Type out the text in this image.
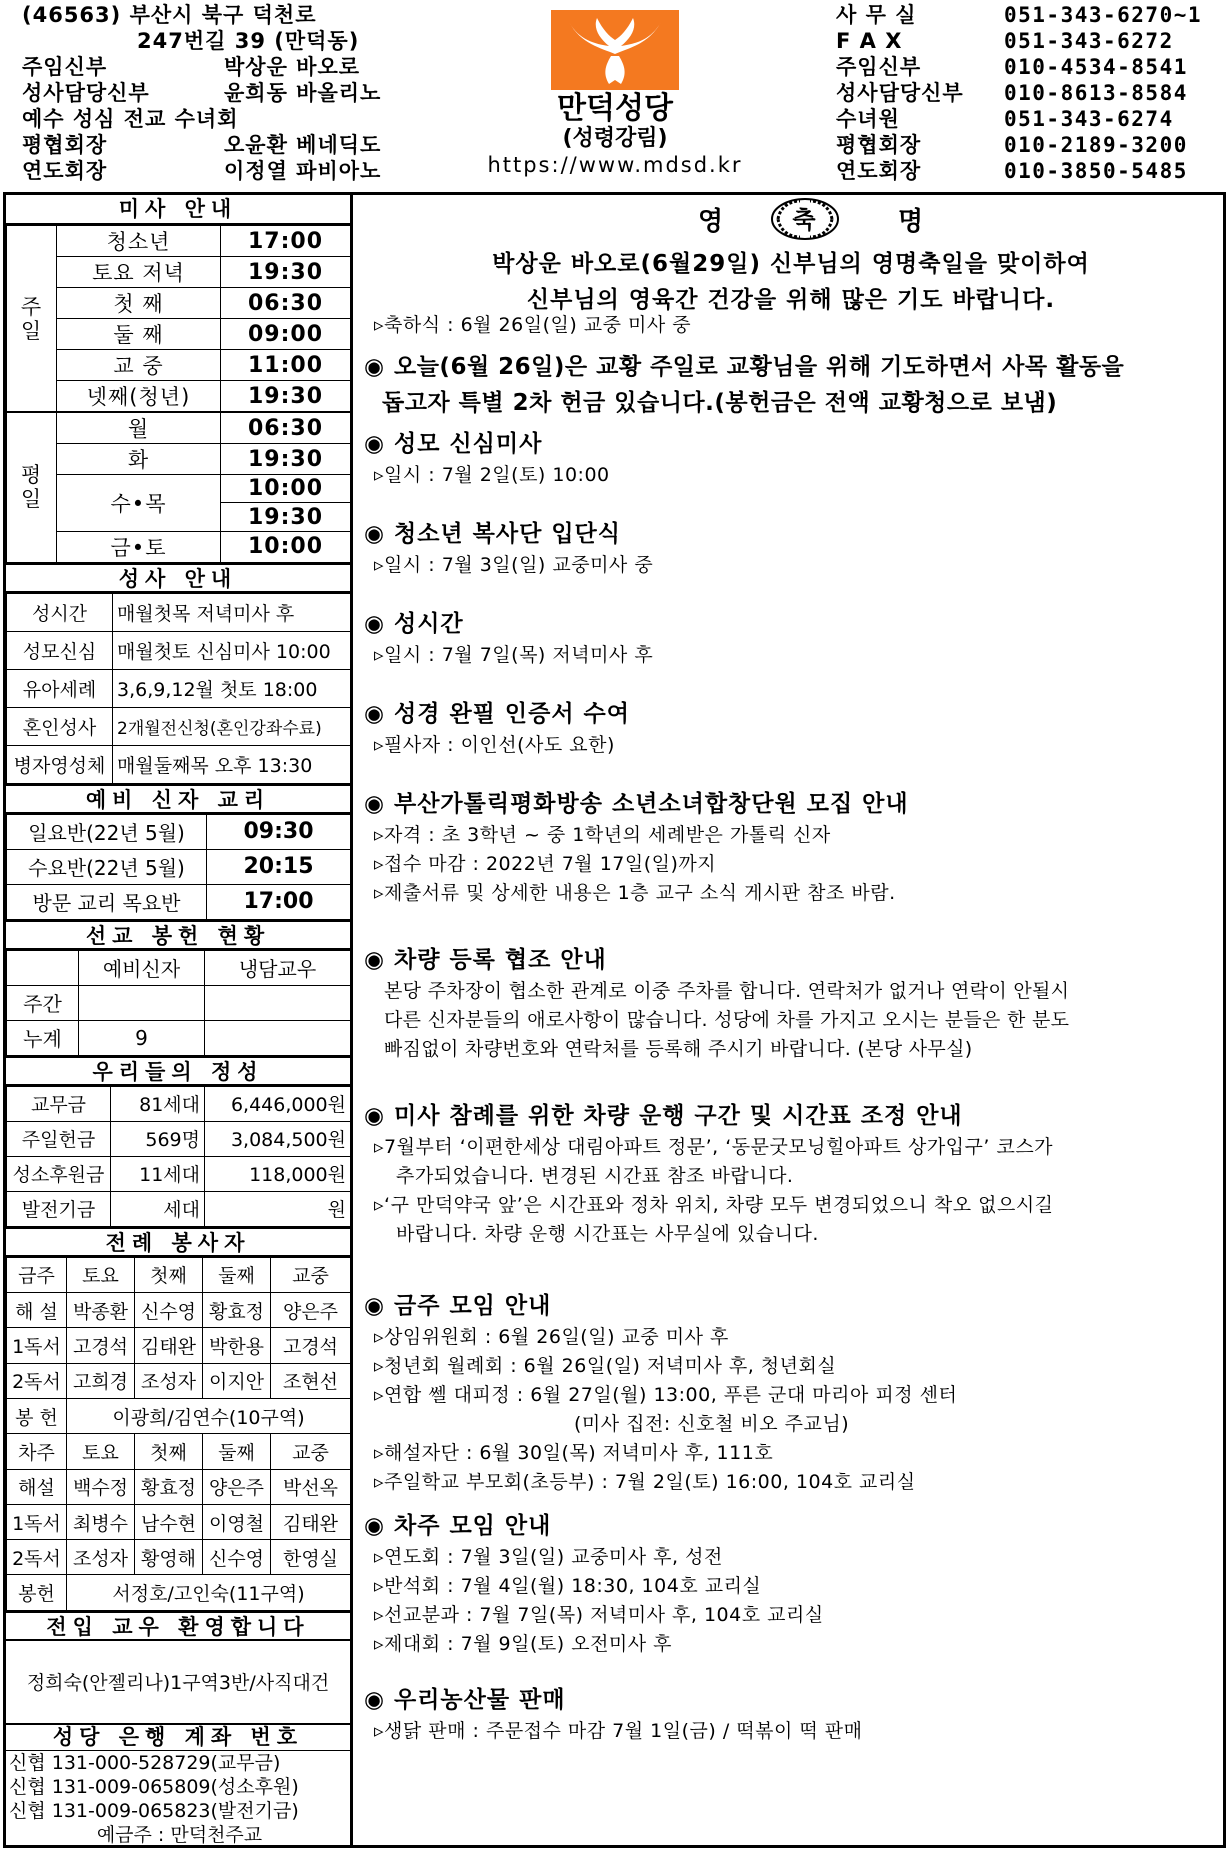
(46563) 부산시 북구 덕천로
247번길 39 (만덕동)
주임신부	박상운 바오로
성사담당신부	윤희동 바올리노
예수 성심 전교 수녀회
평협회장	오윤환 베네딕도
연도회장	이정열 파비아노
만덕성당
(성령강림)
https://www.mdsd.kr
사 무 실	051-343-6270~1
F A X	051-343-6272
주임신부	010-4534-8541
성사담당신부 010-8613-8584
수녀원	051-343-6274
평협회장	010-2189-3200
연도회장	010-3850-5485
미사 안내
주일	청소년	17:00
	토요 저녁	19:30
	첫 째	06:30
	둘 째	09:00
	교 중	11:00
	넷째(청년)	19:30

평일	월	06:30
	화	19:30
	수•목	10:00
		19:30
	금•토	10:00
성사 안내
성시간	매월첫목 저녁미사 후
성모신심	매월첫토 신심미사 10:00
유아세례	3,6,9,12월 첫토 18:00
혼인성사	2개월전신청(혼인강좌수료)
병자영성체	매월둘째목 오후 13:30
예비 신자 교리
일요반(22년 5월)	09:30
수요반(22년 5월)	20:15
방문 교리 목요반	17:00
선교 봉헌 현황
	예비신자	냉담교우
주간		
누계	9	
우리들의 정성
교무금	81세대	6,446,000원
주일헌금	569명	3,084,500원
성소후원금	11세대	118,000원
발전기금	세대	원
전례 봉사자
금주	토요	첫째	둘째	교중
해 설	박종환	신수영	황효정	양은주
1독서	고경석	김태완	박한용	고경석
2독서	고희경	조성자	이지안	조현선
봉 헌	이광희/김연수(10구역)			
차주	토요	첫째	둘째	교중
해설	백수정	황효정	양은주	박선옥
1독서	최병수	남수현	이영철	김태완
2독서	조성자	황영해	신수영	한영실
봉헌	서정호/고인숙(11구역)			
전입 교우 환영합니다
정희숙(안젤리나)1구역3반/사직대건
성당 은행 계좌 번호
신협 131-000-528729(교무금)
신협 131-009-065809(성소후원)
신협 131-009-065823(발전기금)
예금주 : 만덕천주교
영	축	명
박상운 바오로(6월29일) 신부님의 영명축일을 맞이하여
신부님의 영육간 건강을 위해 많은 기도 바랍니다.
▹축하식 : 6월 26일(일) 교중 미사 중
◉ 오늘(6월 26일)은 교황 주일로 교황님을 위해 기도하면서 사목 활동을
돕고자 특별 2차 헌금 있습니다.(봉헌금은 전액 교황청으로 보냄)
◉ 성모 신심미사
▹일시 : 7월 2일(토) 10:00
◉ 청소년 복사단 입단식
▹일시 : 7월 3일(일) 교중미사 중
◉ 성시간
▹일시 : 7월 7일(목) 저녁미사 후
◉ 성경 완필 인증서 수여
▹필사자 : 이인선(사도 요한)
◉ 부산가톨릭평화방송 소년소녀합창단원 모집 안내
▹자격 : 초 3학년 ~ 중 1학년의 세례받은 가톨릭 신자
▹접수 마감 : 2022년 7월 17일(일)까지
▹제출서류 및 상세한 내용은 1층 교구 소식 게시판 참조 바람.
◉ 차량 등록 협조 안내
본당 주차장이 협소한 관계로 이중 주차를 합니다. 연락처가 없거나 연락이 안될시
다른 신자분들의 애로사항이 많습니다. 성당에 차를 가지고 오시는 분들은 한 분도
빠짐없이 차량번호와 연락처를 등록해 주시기 바랍니다. (본당 사무실)
◉ 미사 참례를 위한 차량 운행 구간 및 시간표 조정 안내
▹7월부터 ‘이편한세상 대림아파트 정문’, ‘동문굿모닝힐아파트 상가입구’ 코스가
추가되었습니다. 변경된 시간표 참조 바랍니다.
▹‘구 만덕약국 앞’은 시간표와 정차 위치, 차량 모두 변경되었으니 착오 없으시길
바랍니다. 차량 운행 시간표는 사무실에 있습니다.
◉ 금주 모임 안내
▹상임위원회 : 6월 26일(일) 교중 미사 후
▹청년회 월례회 : 6월 26일(일) 저녁미사 후, 청년회실
▹연합 쎌 대피정 : 6월 27일(월) 13:00, 푸른 군대 마리아 피정 센터
(미사 집전: 신호철 비오 주교님)
▹해설자단 : 6월 30일(목) 저녁미사 후, 111호
▹주일학교 부모회(초등부) : 7월 2일(토) 16:00, 104호 교리실
◉ 차주 모임 안내
▹연도회 : 7월 3일(일) 교중미사 후, 성전
▹반석회 : 7월 4일(월) 18:30, 104호 교리실
▹선교분과 : 7월 7일(목) 저녁미사 후, 104호 교리실
▹제대회 : 7월 9일(토) 오전미사 후
◉ 우리농산물 판매
▹생닭 판매 : 주문접수 마감 7월 1일(금) / 떡볶이 떡 판매
